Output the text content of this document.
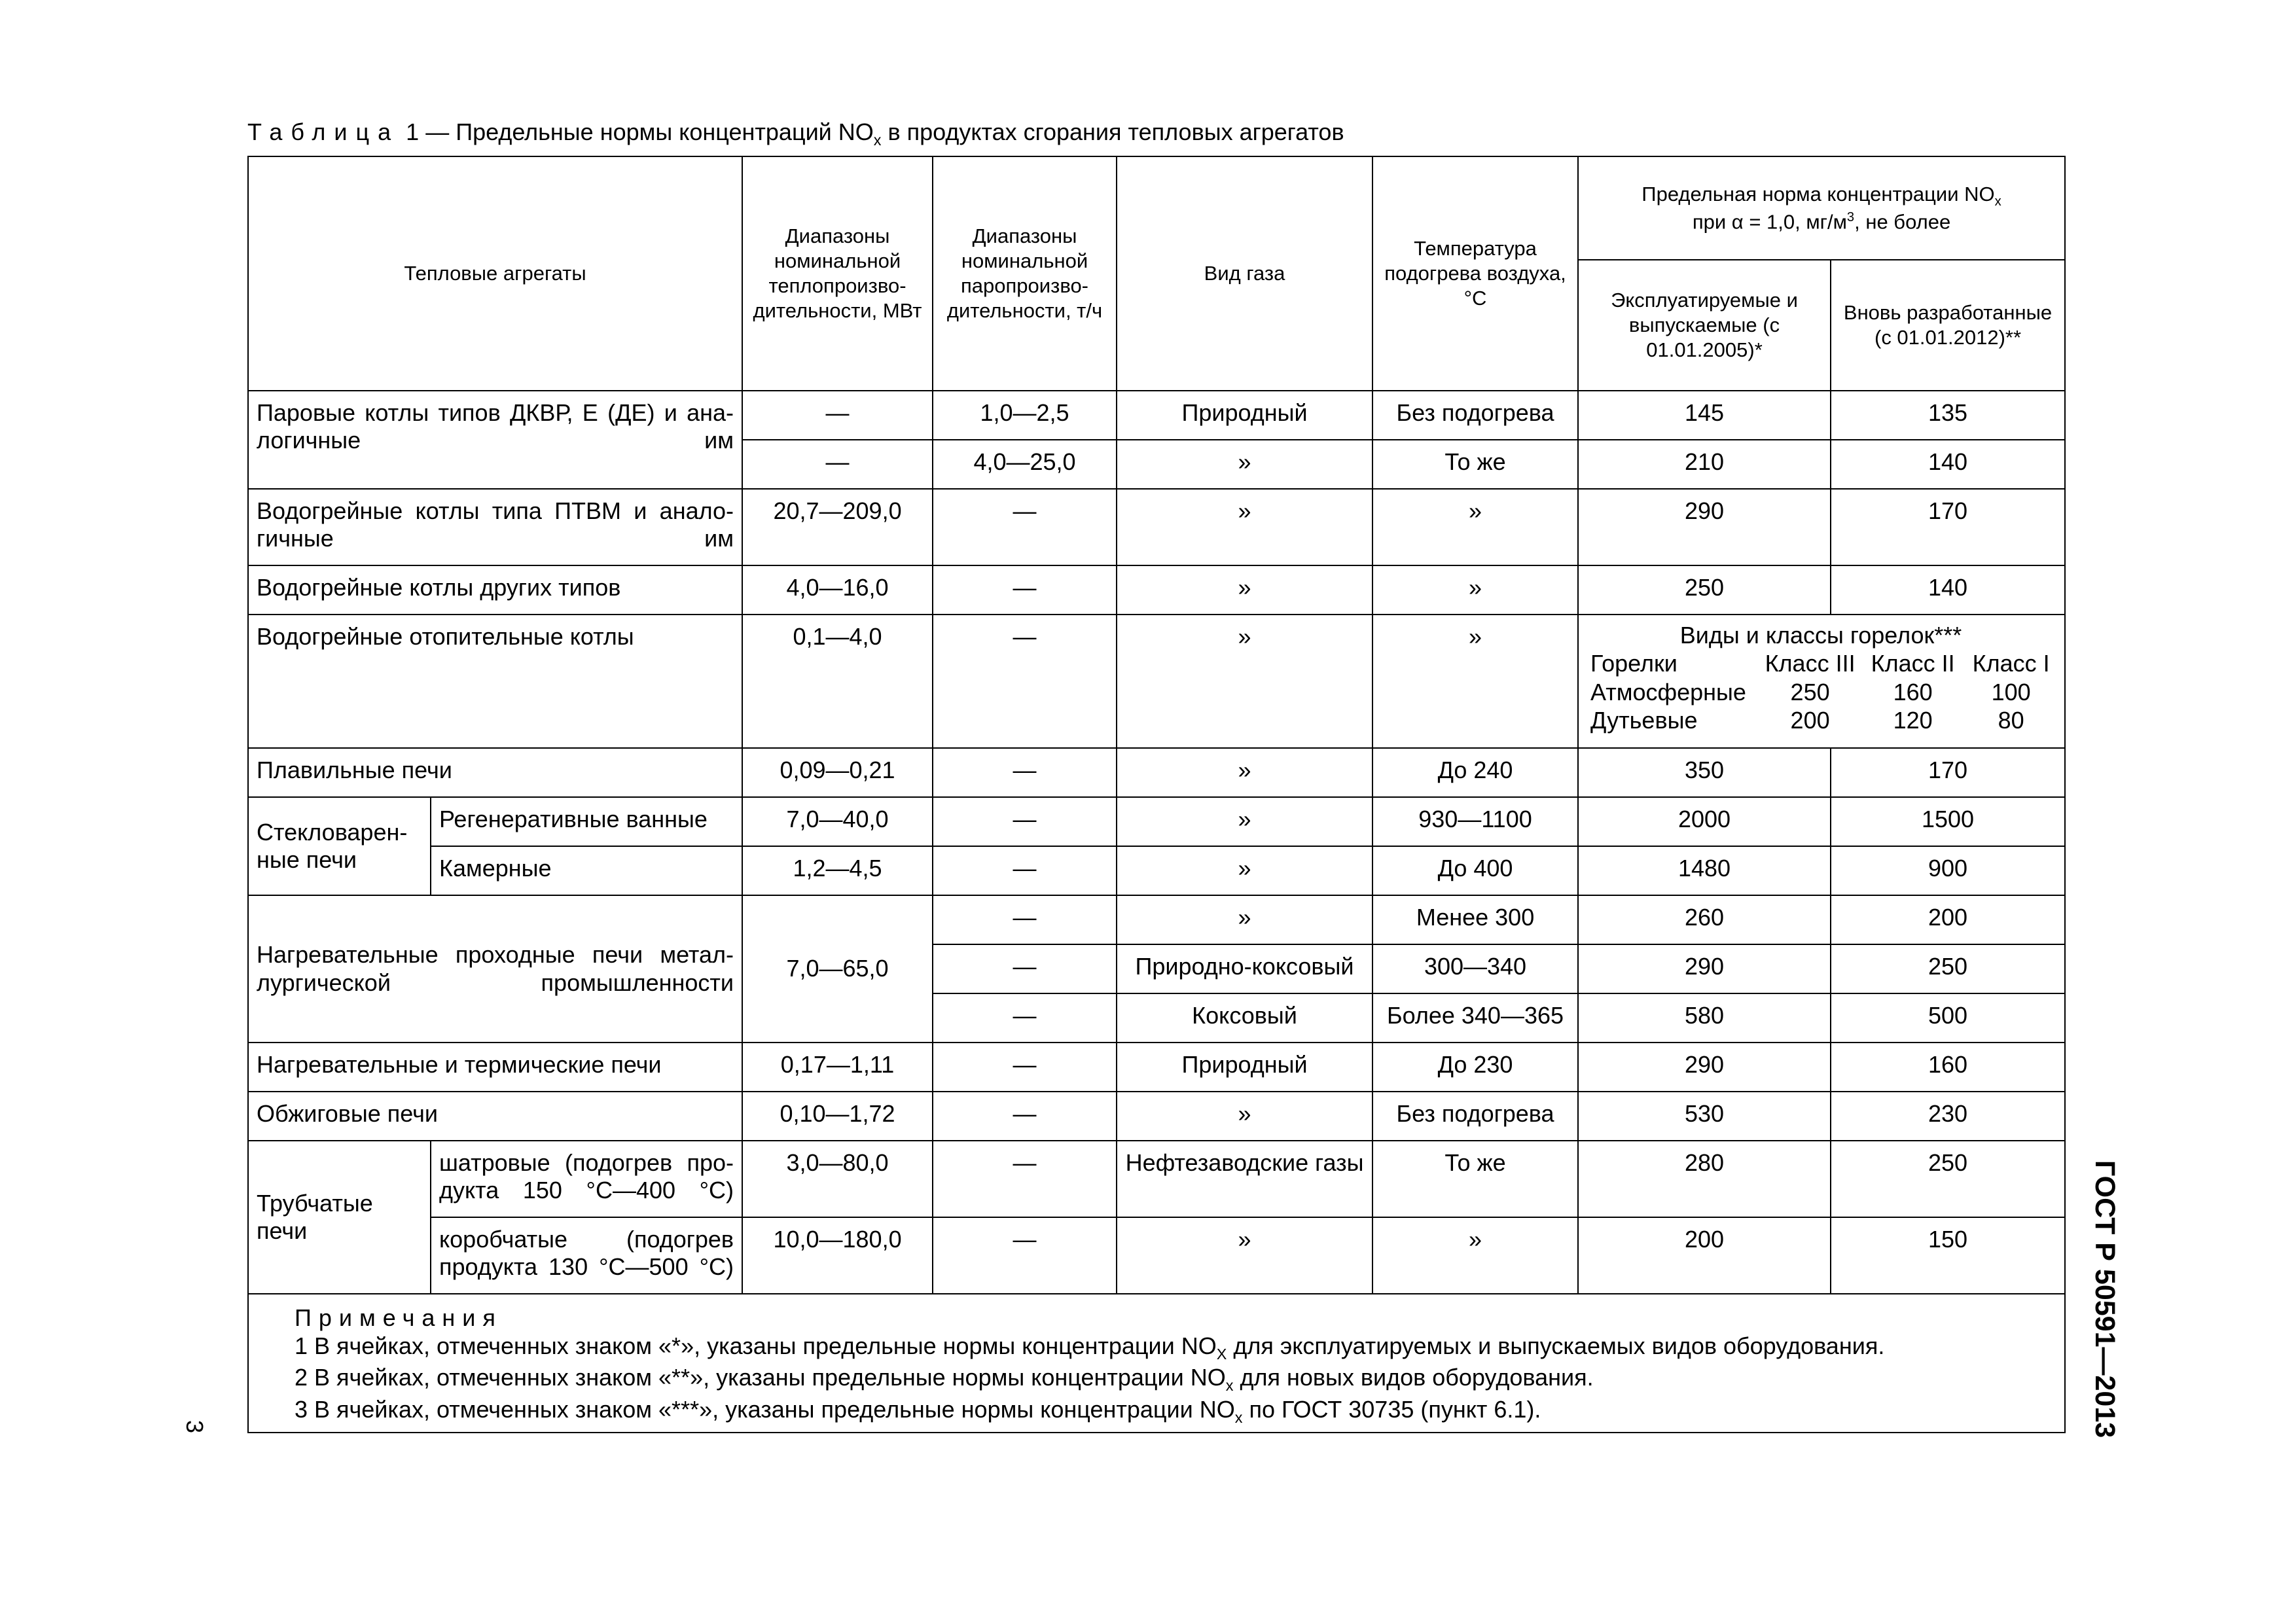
Таблица 1 — Предельные нормы концентраций $NO_x$ в продуктах сгорания тепловых агрегатов
Тепловые агрегаты	Диапазоны номинальной теплопроизво-дительности, МВт	Диапазоны номинальной паропроизво-дительности, т/ч	Вид газа	Температура подогрева воздуха, °С	Предельная норма концентрации $NO_x$
при α = 1,0, $мг/м^3$, не более
Эксплуатируемые и выпускаемые (с 01.01.2005)*	Вновь разработанные (с 01.01.2012)**
Паровые котлы типов ДКВР, Е (ДЕ) и ана-логичные им	—	1,0—2,5	Природный	Без подогрева	145	135
—	4,0—25,0	»	То же	210	140
Водогрейные котлы типа ПТВМ и анало-гичные им	20,7—209,0	—	»	»	290	170
Водогрейные котлы других типов	4,0—16,0	—	»	»	250	140
Водогрейные отопительные котлы	0,1—4,0	—	»	»	Виды и классы горелок***
Горелки	Класс III	Класс II	Класс I
Атмосферные	250	160	100
Дутьевые	200	120	80

Плавильные печи	0,09—0,21	—	»	До 240	350	170
Стекловарен-ные печи	Регенеративные ванные	7,0—40,0	—	»	930—1100	2000	1500
Камерные	1,2—4,5	—	»	До 400	1480	900
Нагревательные проходные печи метал-лургической промышленности	7,0—65,0	—	»	Менее 300	260	200
—	Природно-коксовый	300—340	290	250
—	Коксовый	Более 340—365	580	500
Нагревательные и термические печи	0,17—1,11	—	Природный	До 230	290	160
Обжиговые печи	0,10—1,72	—	»	Без подогрева	530	230
Трубчатые печи	шатровые (подогрев про-дукта 150 °С—400 °С)	3,0—80,0	—	Нефтезаводские газы	То же	280	250
коробчатые (подогрев продукта 130 °С—500 °С)	10,0—180,0	—	»	»	200	150

Примечания
1 В ячейках, отмеченных знаком «*», указаны предельные нормы концентрации $NO_X$ для эксплуатируемых и выпускаемых видов оборудования.
2 В ячейках, отмеченных знаком «**», указаны предельные нормы концентрации $NO_x$ для новых видов оборудования.
3 В ячейках, отмеченных знаком «***», указаны предельные нормы концентрации $NO_x$ по ГОСТ 30735 (пункт 6.1).	ГОСТ Р 50591—2013
3
